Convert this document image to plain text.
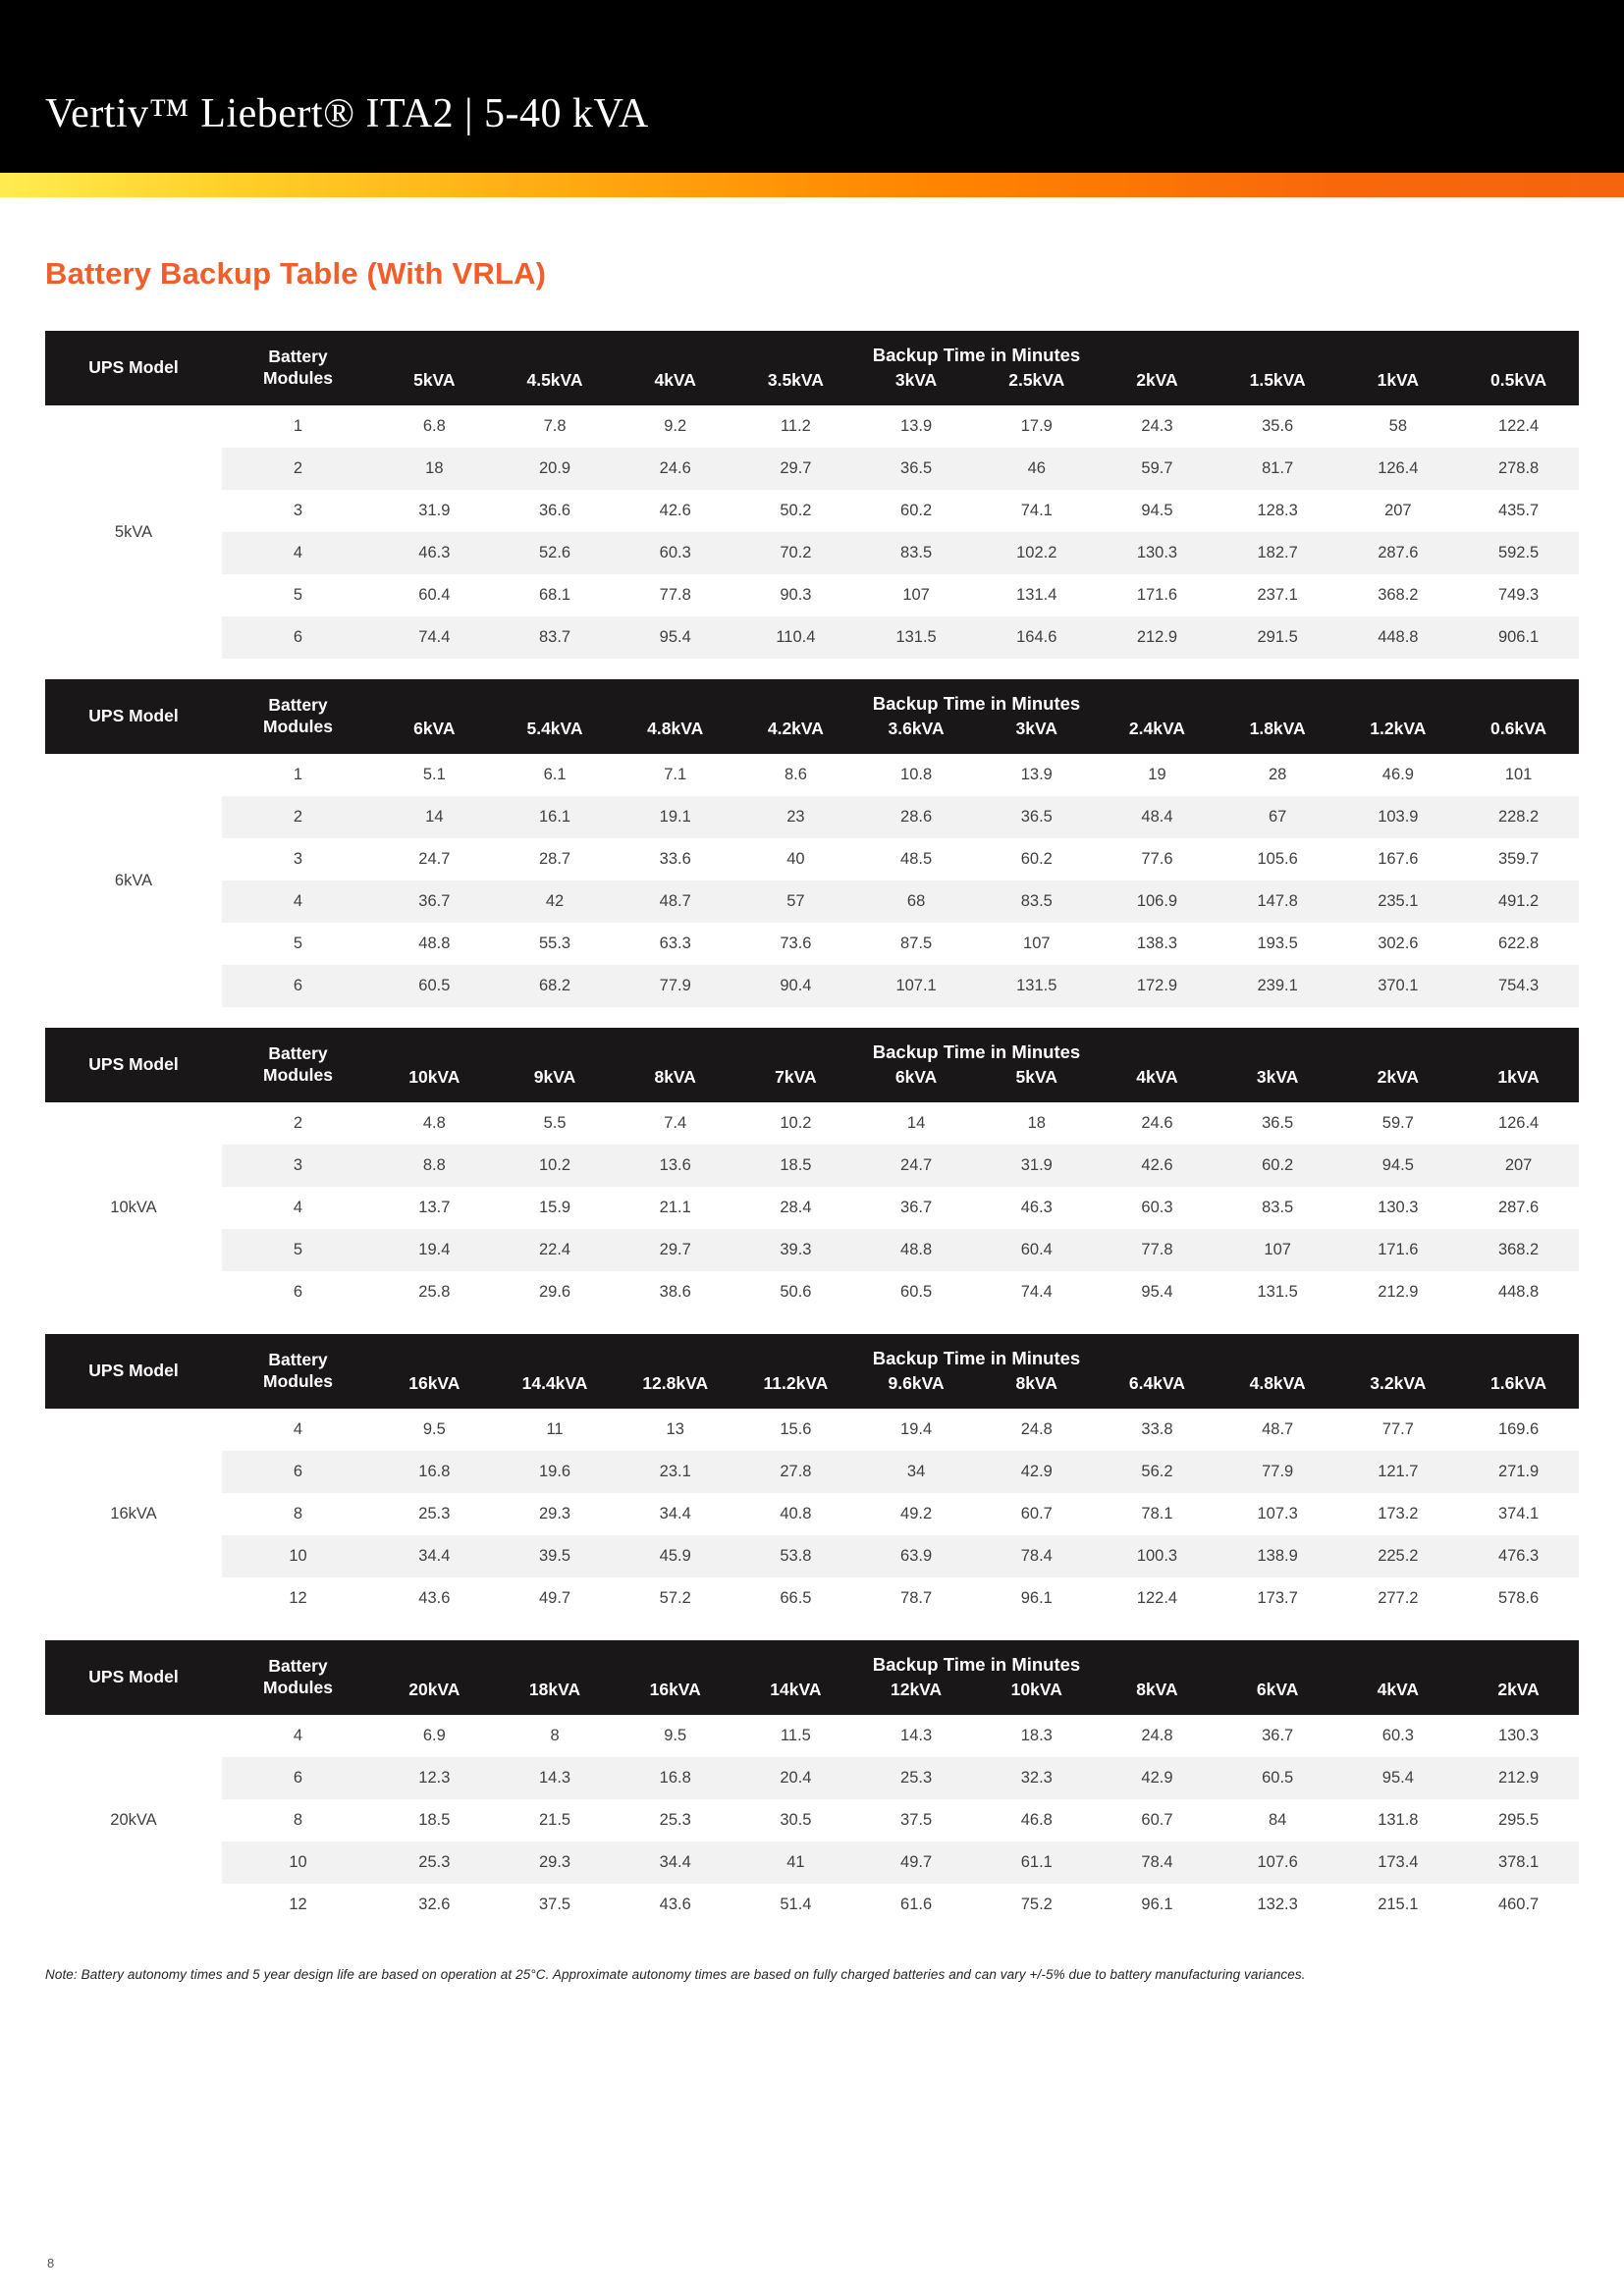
Vertiv™ Liebert® ITA2 | 5-40 kVA
Battery Backup Table (With VRLA)
UPS Model	Battery Modules	Backup Time in Minutes									
		5kVA	4.5kVA	4kVA	3.5kVA	3kVA	2.5kVA	2kVA	1.5kVA	1kVA	0.5kVA
5kVA	1	6.8	7.8	9.2	11.2	13.9	17.9	24.3	35.6	58	122.4
	2	18	20.9	24.6	29.7	36.5	46	59.7	81.7	126.4	278.8
	3	31.9	36.6	42.6	50.2	60.2	74.1	94.5	128.3	207	435.7
	4	46.3	52.6	60.3	70.2	83.5	102.2	130.3	182.7	287.6	592.5
	5	60.4	68.1	77.8	90.3	107	131.4	171.6	237.1	368.2	749.3
	6	74.4	83.7	95.4	110.4	131.5	164.6	212.9	291.5	448.8	906.1
UPS Model	Battery Modules	Backup Time in Minutes									
		6kVA	5.4kVA	4.8kVA	4.2kVA	3.6kVA	3kVA	2.4kVA	1.8kVA	1.2kVA	0.6kVA
6kVA	1	5.1	6.1	7.1	8.6	10.8	13.9	19	28	46.9	101
	2	14	16.1	19.1	23	28.6	36.5	48.4	67	103.9	228.2
	3	24.7	28.7	33.6	40	48.5	60.2	77.6	105.6	167.6	359.7
	4	36.7	42	48.7	57	68	83.5	106.9	147.8	235.1	491.2
	5	48.8	55.3	63.3	73.6	87.5	107	138.3	193.5	302.6	622.8
	6	60.5	68.2	77.9	90.4	107.1	131.5	172.9	239.1	370.1	754.3
UPS Model	Battery Modules	Backup Time in Minutes									
		10kVA	9kVA	8kVA	7kVA	6kVA	5kVA	4kVA	3kVA	2kVA	1kVA
10kVA	2	4.8	5.5	7.4	10.2	14	18	24.6	36.5	59.7	126.4
	3	8.8	10.2	13.6	18.5	24.7	31.9	42.6	60.2	94.5	207
	4	13.7	15.9	21.1	28.4	36.7	46.3	60.3	83.5	130.3	287.6
	5	19.4	22.4	29.7	39.3	48.8	60.4	77.8	107	171.6	368.2
	6	25.8	29.6	38.6	50.6	60.5	74.4	95.4	131.5	212.9	448.8
UPS Model	Battery Modules	Backup Time in Minutes									
		16kVA	14.4kVA	12.8kVA	11.2kVA	9.6kVA	8kVA	6.4kVA	4.8kVA	3.2kVA	1.6kVA
16kVA	4	9.5	11	13	15.6	19.4	24.8	33.8	48.7	77.7	169.6
	6	16.8	19.6	23.1	27.8	34	42.9	56.2	77.9	121.7	271.9
	8	25.3	29.3	34.4	40.8	49.2	60.7	78.1	107.3	173.2	374.1
	10	34.4	39.5	45.9	53.8	63.9	78.4	100.3	138.9	225.2	476.3
	12	43.6	49.7	57.2	66.5	78.7	96.1	122.4	173.7	277.2	578.6
UPS Model	Battery Modules	Backup Time in Minutes									
		20kVA	18kVA	16kVA	14kVA	12kVA	10kVA	8kVA	6kVA	4kVA	2kVA
20kVA	4	6.9	8	9.5	11.5	14.3	18.3	24.8	36.7	60.3	130.3
	6	12.3	14.3	16.8	20.4	25.3	32.3	42.9	60.5	95.4	212.9
	8	18.5	21.5	25.3	30.5	37.5	46.8	60.7	84	131.8	295.5
	10	25.3	29.3	34.4	41	49.7	61.1	78.4	107.6	173.4	378.1
	12	32.6	37.5	43.6	51.4	61.6	75.2	96.1	132.3	215.1	460.7

Note: Battery autonomy times and 5 year design life are based on operation at 25°C. Approximate autonomy times are based on fully charged batteries and can vary +/-5% due to battery manufacturing variances.

8
